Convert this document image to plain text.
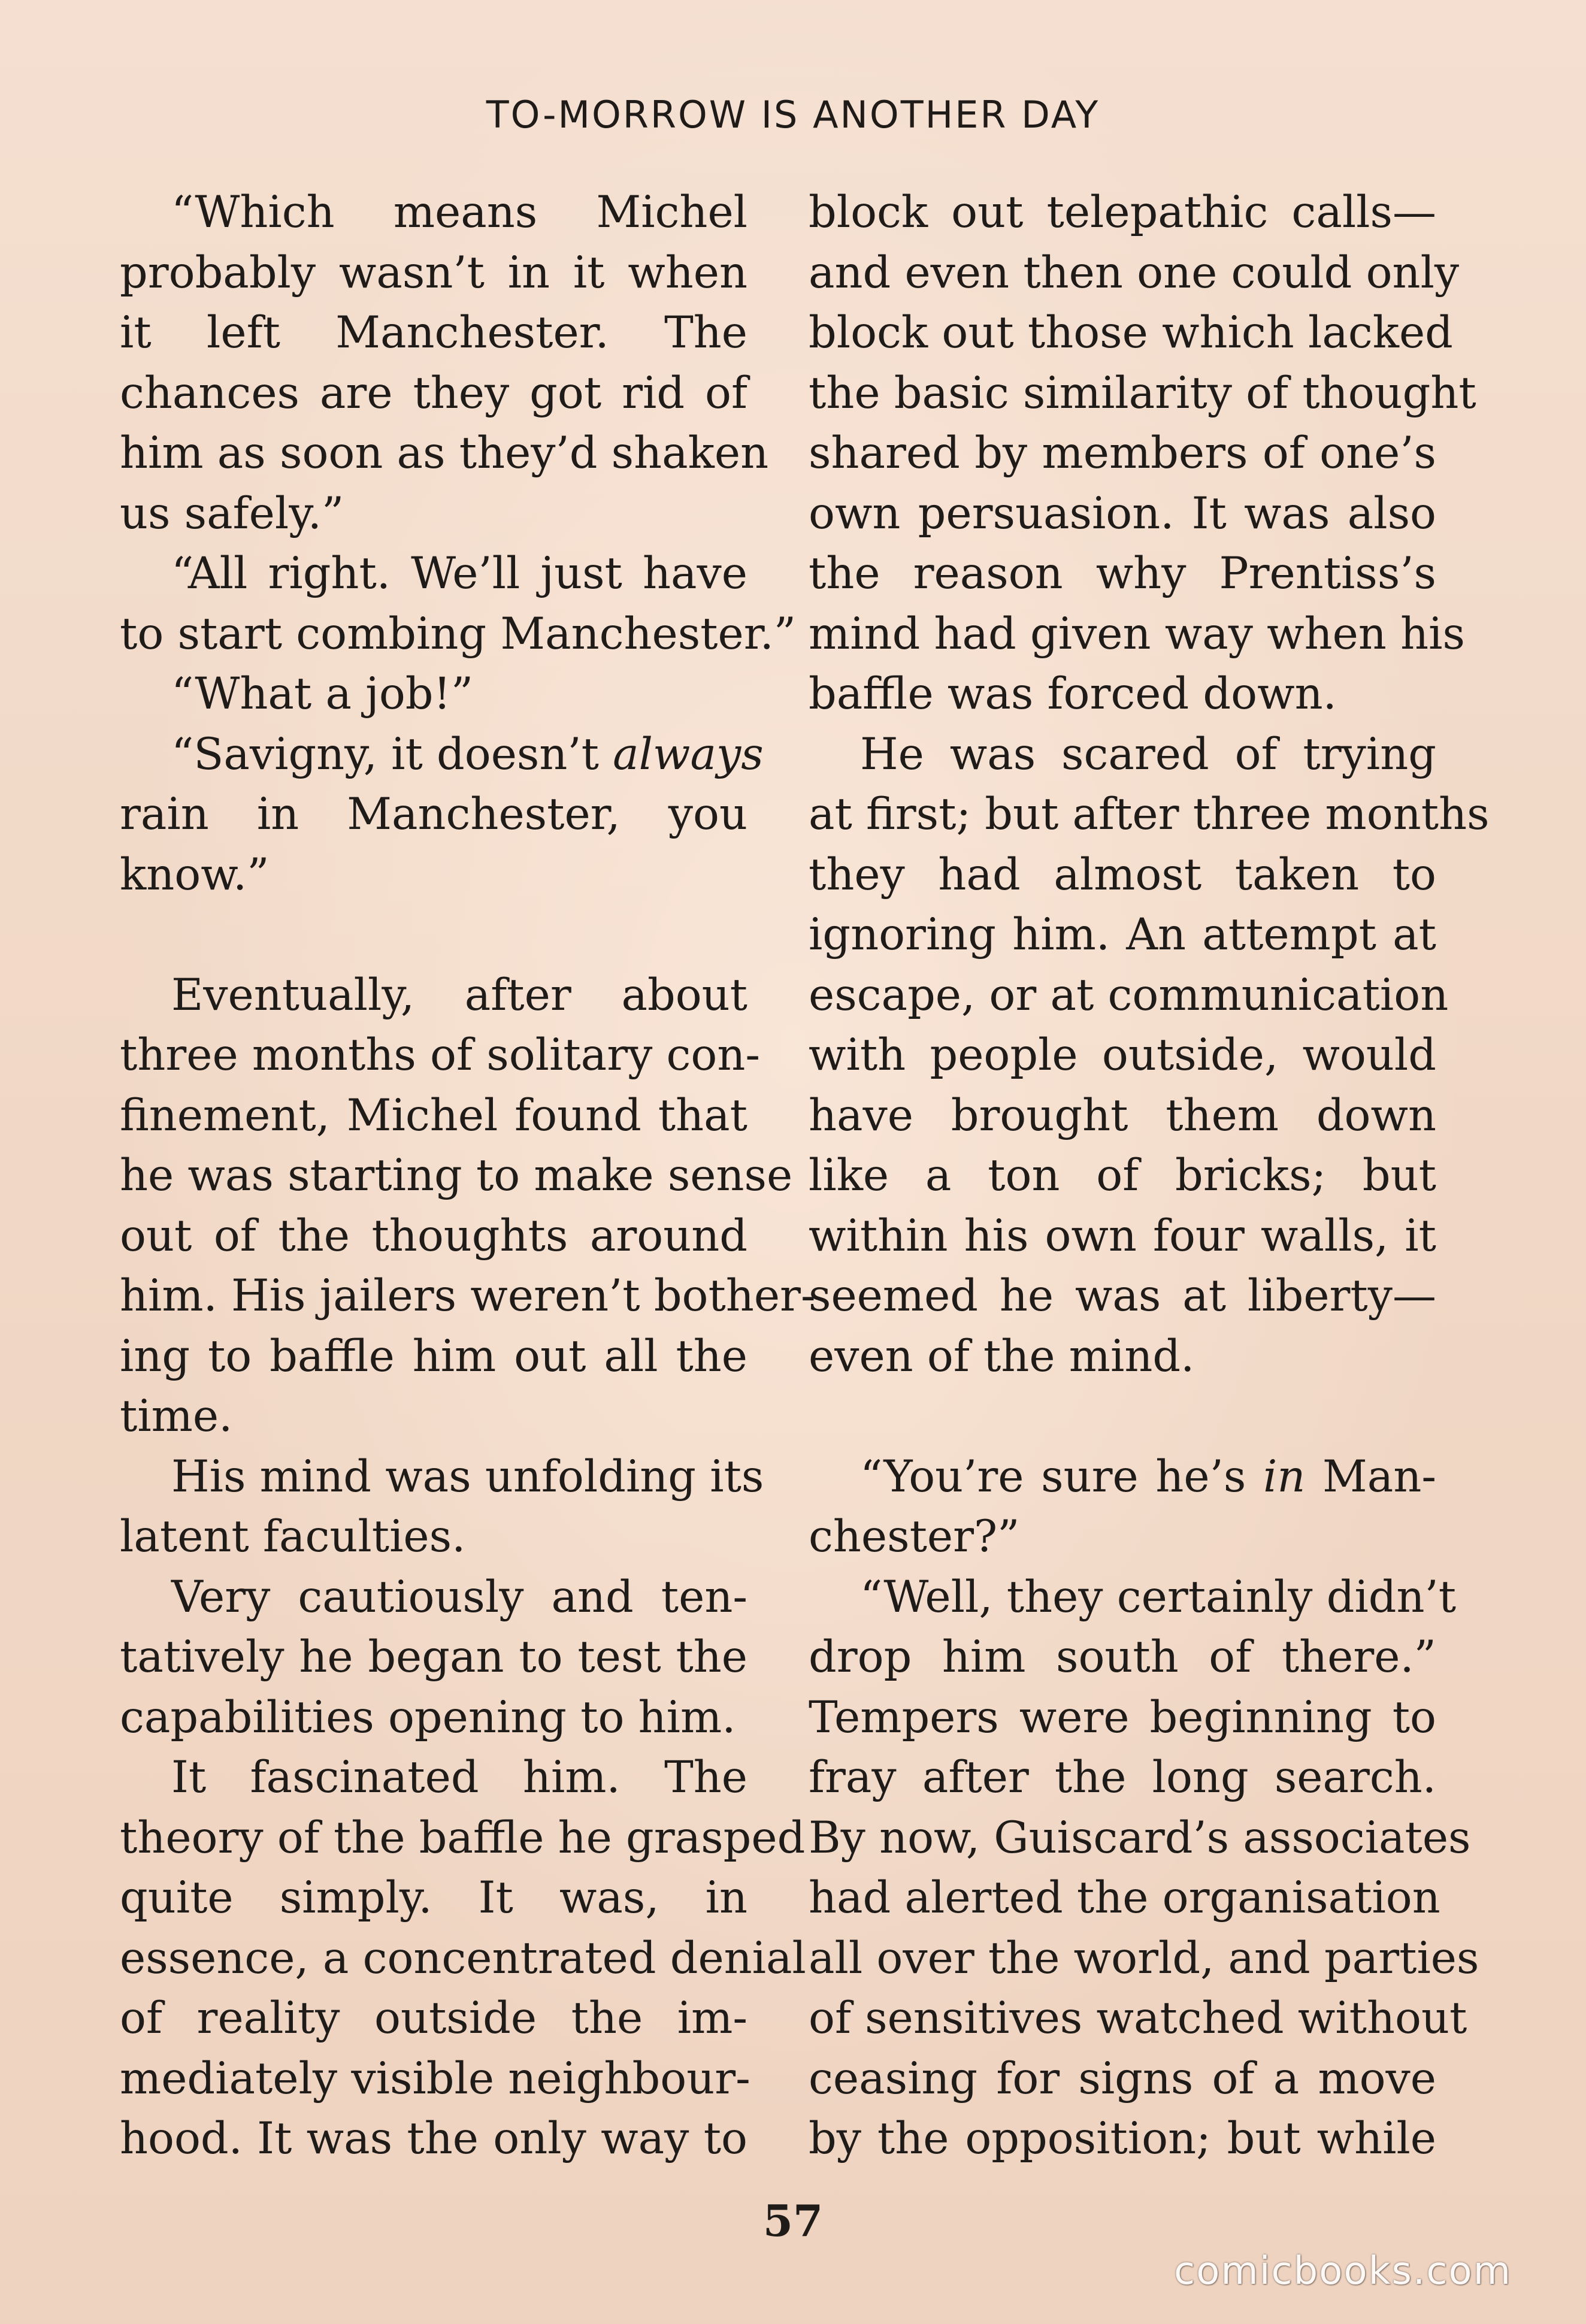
TO-MORROW IS ANOTHER DAY
“Which means Michel
probably wasn’t in it when
it left Manchester. The
chances are they got rid of
him as soon as they’d shaken
us safely.”
“All right. We’ll just have
to start combing Manchester.”
“What a job!”
“Savigny, it doesn’t always
rain in Manchester, you
know.”
Eventually, after about
three months of solitary con-
finement, Michel found that
he was starting to make sense
out of the thoughts around
him. His jailers weren’t bother-
ing to baffle him out all the
time.
His mind was unfolding its
latent faculties.
Very cautiously and ten-
tatively he began to test the
capabilities opening to him.
It fascinated him. The
theory of the baffle he grasped
quite simply. It was, in
essence, a concentrated denial
of reality outside the im-
mediately visible neighbour-
hood. It was the only way to
block out telepathic calls—
and even then one could only
block out those which lacked
the basic similarity of thought
shared by members of one’s
own persuasion. It was also
the reason why Prentiss’s
mind had given way when his
baffle was forced down.
He was scared of trying
at first; but after three months
they had almost taken to
ignoring him. An attempt at
escape, or at communication
with people outside, would
have brought them down
like a ton of bricks; but
within his own four walls, it
seemed he was at liberty—
even of the mind.
“You’re sure he’s in Man-
chester?”
“Well, they certainly didn’t
drop him south of there.”
Tempers were beginning to
fray after the long search.
By now, Guiscard’s associates
had alerted the organisation
all over the world, and parties
of sensitives watched without
ceasing for signs of a move
by the opposition; but while
57
comicbooks.com
